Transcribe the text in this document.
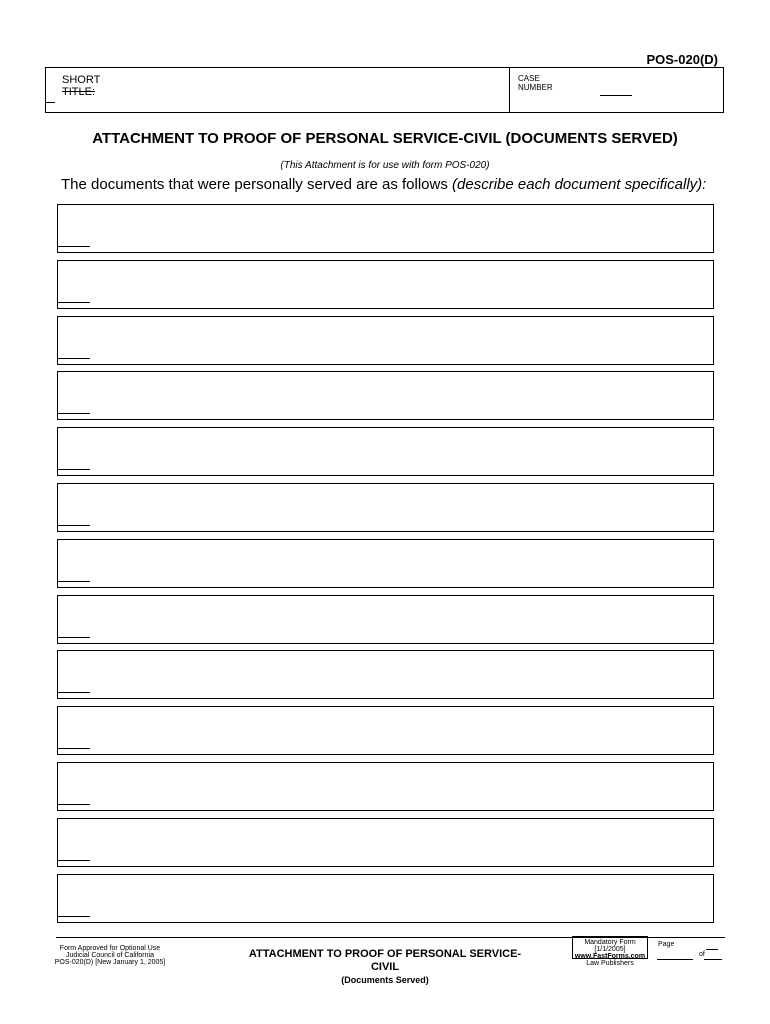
POS-020(D)
SHORT
TITLE:
CASE
NUMBER
ATTACHMENT TO PROOF OF PERSONAL SERVICE-CIVIL (DOCUMENTS SERVED)
(This Attachment is for use with form POS-020)
The documents that were personally served are as follows (describe each document specifically):
Form Approved for Optional Use
Judicial Council of California
POS-020(D) [New January 1, 2005]
ATTACHMENT TO PROOF OF PERSONAL SERVICE-
CIVIL
(Documents Served)
Mandatory Form [1/1/2005]
www.FastForms.com
Law Publishers
Page
of
